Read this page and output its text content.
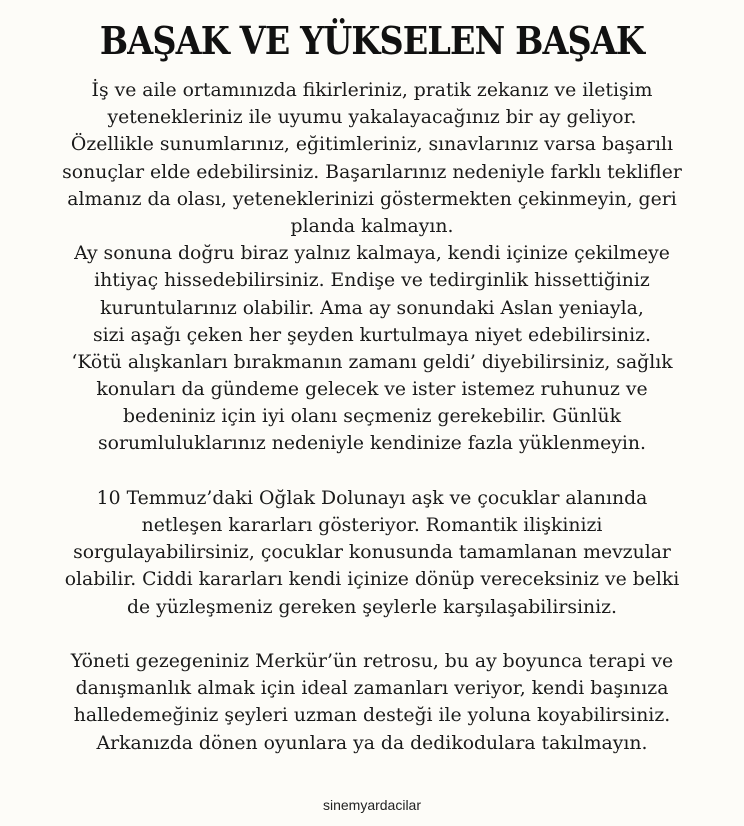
BAŞAK VE YÜKSELEN BAŞAK
İş ve aile ortamınızda fikirleriniz, pratik zekanız ve iletişim
yetenekleriniz ile uyumu yakalayacağınız bir ay geliyor.
Özellikle sunumlarınız, eğitimleriniz, sınavlarınız varsa başarılı
sonuçlar elde edebilirsiniz. Başarılarınız nedeniyle farklı teklifler
almanız da olası, yeteneklerinizi göstermekten çekinmeyin, geri
planda kalmayın.
Ay sonuna doğru biraz yalnız kalmaya, kendi içinize çekilmeye
ihtiyaç hissedebilirsiniz. Endişe ve tedirginlik hissettiğiniz
kuruntularınız olabilir. Ama ay sonundaki Aslan yeniayla,
sizi aşağı çeken her şeyden kurtulmaya niyet edebilirsiniz.
‘Kötü alışkanları bırakmanın zamanı geldi’ diyebilirsiniz, sağlık
konuları da gündeme gelecek ve ister istemez ruhunuz ve
bedeniniz için iyi olanı seçmeniz gerekebilir. Günlük
sorumluluklarınız nedeniyle kendinize fazla yüklenmeyin.
10 Temmuz’daki Oğlak Dolunayı aşk ve çocuklar alanında
netleşen kararları gösteriyor. Romantik ilişkinizi
sorgulayabilirsiniz, çocuklar konusunda tamamlanan mevzular
olabilir. Ciddi kararları kendi içinize dönüp vereceksiniz ve belki
de yüzleşmeniz gereken şeylerle karşılaşabilirsiniz.
Yöneti gezegeniniz Merkür’ün retrosu, bu ay boyunca terapi ve
danışmanlık almak için ideal zamanları veriyor, kendi başınıza
halledemeğiniz şeyleri uzman desteği ile yoluna koyabilirsiniz.
Arkanızda dönen oyunlara ya da dedikodulara takılmayın.
sinemyardacilar
